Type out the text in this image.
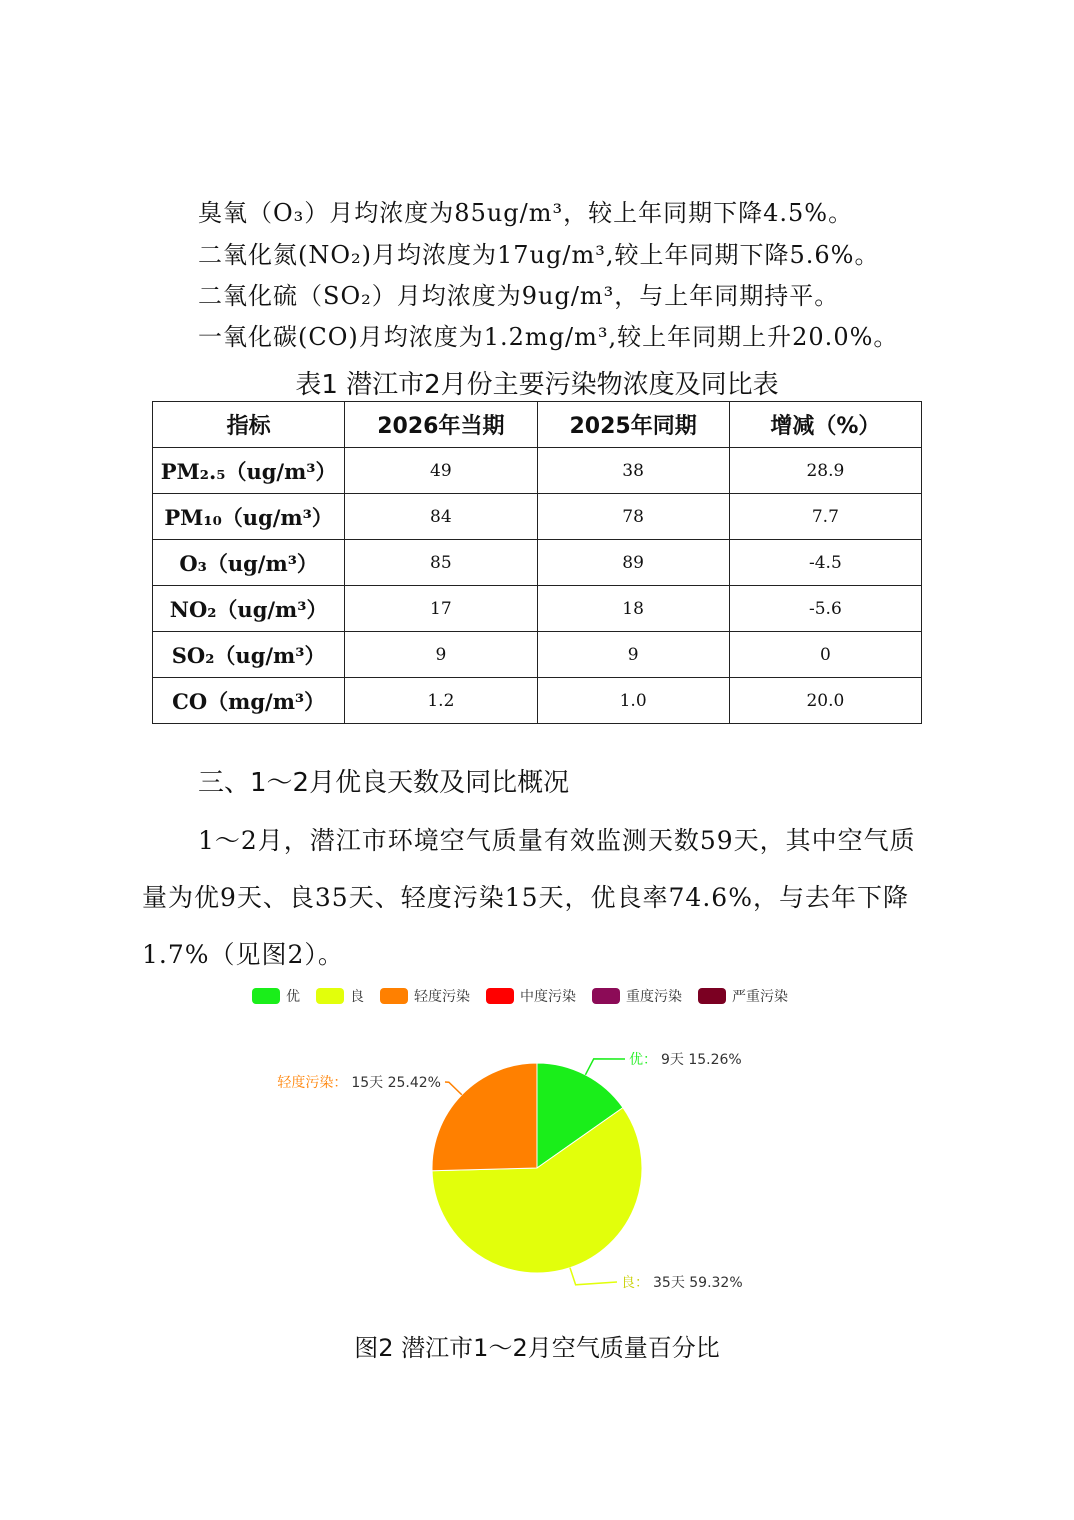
臭氧（O₃）月均浓度为85ug/m³，较上年同期下降4.5%。
二氧化氮(NO₂)月均浓度为17ug/m³,较上年同期下降5.6%。
二氧化硫（SO₂）月均浓度为9ug/m³，与上年同期持平。
一氧化碳(CO)月均浓度为1.2mg/m³,较上年同期上升20.0%。
表1 潜江市2月份主要污染物浓度及同比表
指标	2026年当期	2025年同期	增减（%）
PM₂.₅（ug/m³）	49	38	28.9
PM₁₀（ug/m³）	84	78	7.7
O₃（ug/m³）	85	89	-4.5
NO₂（ug/m³）	17	18	-5.6
SO₂（ug/m³）	9	9	0
CO（mg/m³）	1.2	1.0	20.0
三、1～2月优良天数及同比概况
1～2月，潜江市环境空气质量有效监测天数59天，其中空气质量为优9天、良35天、轻度污染15天，优良率74.6%，与去年下降1.7%（见图2）。
优	良	轻度污染	中度污染	重度污染	严重污染
优： 9天 15.26%
良： 35天 59.32%
轻度污染： 15天 25.42%
图2 潜江市1～2月空气质量百分比
